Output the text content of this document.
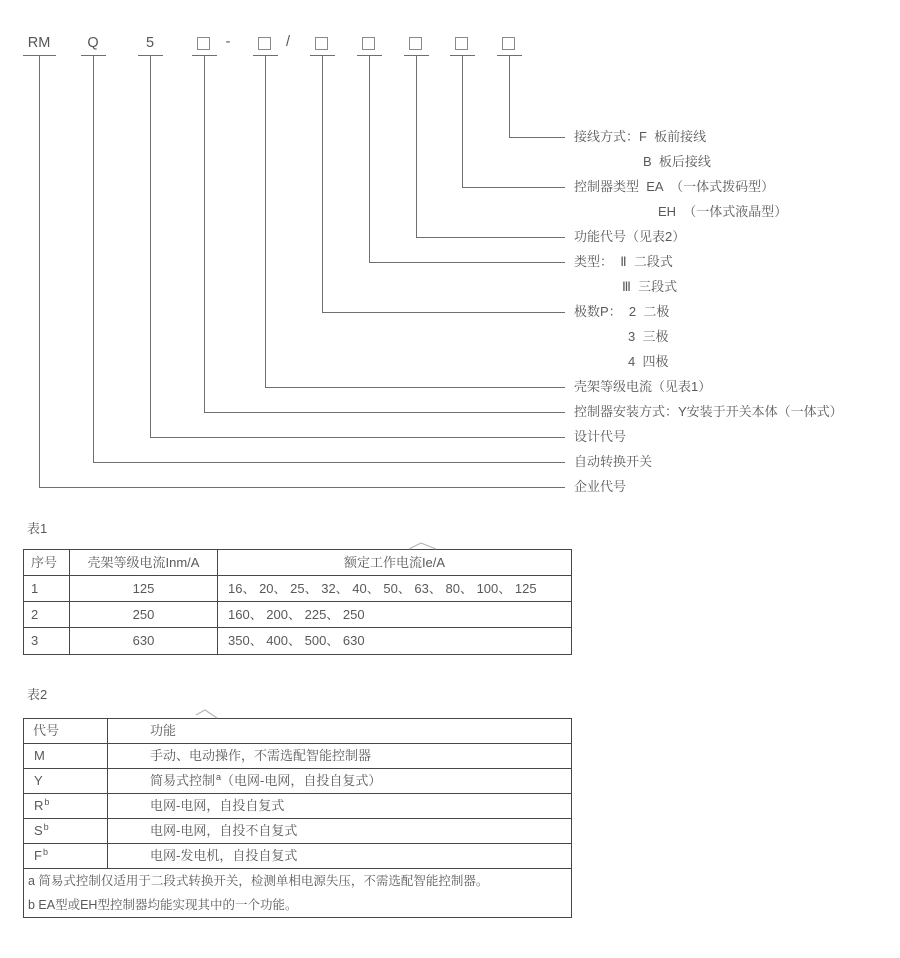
RM	Q	5	-	/
接线方式：F  板前接线
B  板后接线
控制器类型  EA  （一体式拨码型）
EH  （一体式液晶型）
功能代号（见表2）
类型：  Ⅱ  二段式
Ⅲ  三段式
极数P：  2  二极
3  三极
4  四极
壳架等级电流（见表1）
控制器安装方式：Y安装于开关本体（一体式）
设计代号
自动转换开关
企业代号
表1
序号	壳架等级电流Inm/A	额定工作电流Ie/A
1	125	16、 20、 25、 32、 40、 50、 63、 80、 100、 125
2	250	160、 200、 225、 250
3	630	350、 400、 500、 630
表2
代号	功能
M	手动、电动操作，不需选配智能控制器
Y	简易式控制$^a$（电网-电网，自投自复式）
$R^b$	电网-电网，自投自复式
$S^b$	电网-电网，自投不自复式
$F^b$	电网-发电机，自投自复式
a 简易式控制仅适用于二段式转换开关，检测单相电源失压，不需选配智能控制器。
b EA型或EH型控制器均能实现其中的一个功能。
